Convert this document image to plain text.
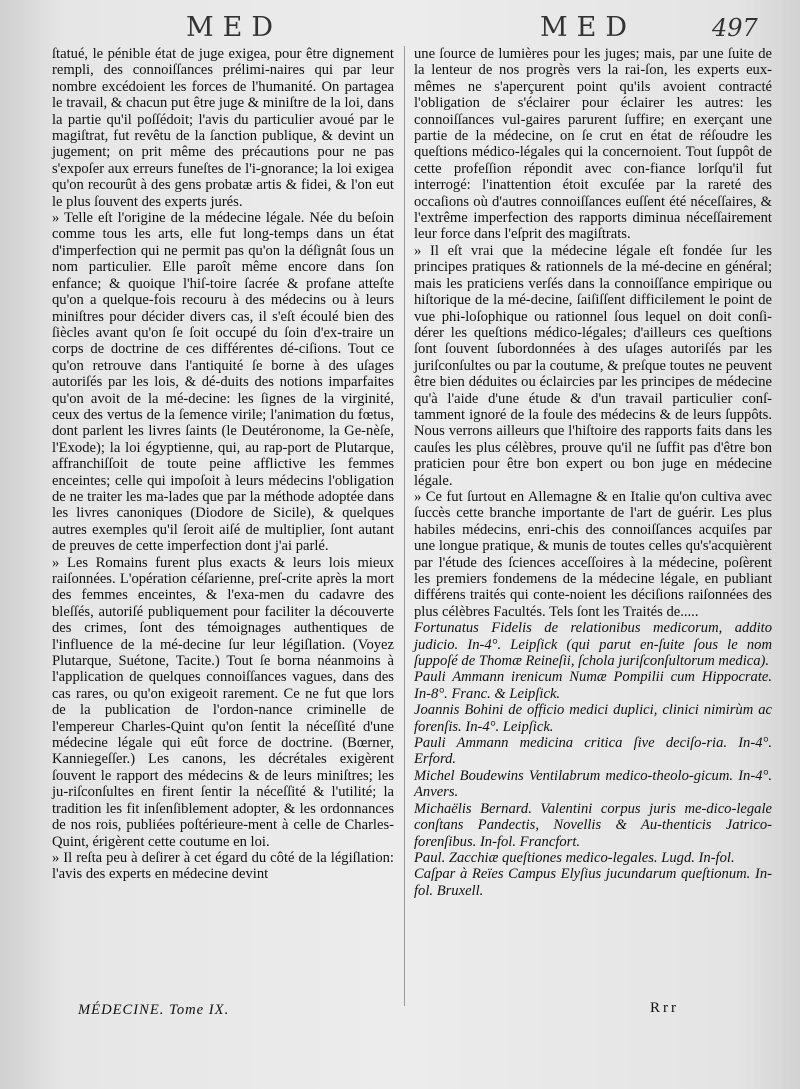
MED	MED	497

ſtatué, le pénible état de juge exigea, pour être dignement rempli, des connoiſſances prélimi-naires qui par leur nombre excédoient les forces de l'humanité. On partagea le travail, & chacun put être juge & miniſtre de la loi, dans la partie qu'il poſſédoit; l'avis du particulier avoué par le magiſtrat, fut revêtu de la ſanction publique, & devint un jugement; on prit même des précautions pour ne pas s'expoſer aux erreurs funeſtes de l'i-gnorance; la loi exigea qu'on recourût à des gens probatæ artis & fidei, & l'on eut le plus ſouvent des experts jurés.

» Telle eſt l'origine de la médecine légale. Née du beſoin comme tous les arts, elle fut long-temps dans un état d'imperfection qui ne permit pas qu'on la déſignât ſous un nom particulier. Elle paroît même encore dans ſon enfance; & quoique l'hiſ-toire ſacrée & profane atteſte qu'on a quelque-fois recouru à des médecins ou à leurs miniſtres pour décider divers cas, il s'eſt écoulé bien des ſiècles avant qu'on ſe ſoit occupé du ſoin d'ex-traire un corps de doctrine de ces différentes dé-ciſions. Tout ce qu'on retrouve dans l'antiquité ſe borne à des uſages autoriſés par les lois, & dé-duits des notions imparfaites qu'on avoit de la mé-decine: les ſignes de la virginité, ceux des vertus de la ſemence virile; l'animation du fœtus, dont parlent les livres ſaints (le Deutéronome, la Ge-nèſe, l'Exode); la loi égyptienne, qui, au rap-port de Plutarque, affranchiſſoit de toute peine afflictive les femmes enceintes; celle qui impoſoit à leurs médecins l'obligation de ne traiter les ma-lades que par la méthode adoptée dans les livres canoniques (Diodore de Sicile), & quelques autres exemples qu'il ſeroit aiſé de multiplier, ſont autant de preuves de cette imperfection dont j'ai parlé.

» Les Romains furent plus exacts & leurs lois mieux raiſonnées. L'opération céſarienne, preſ-crite après la mort des femmes enceintes, & l'exa-men du cadavre des bleſſés, autoriſé publiquement pour faciliter la découverte des crimes, ſont des témoignages authentiques de l'influence de la mé-decine ſur leur légiſlation. (Voyez Plutarque, Suétone, Tacite.) Tout ſe borna néanmoins à l'application de quelques connoiſſances vagues, dans des cas rares, ou qu'on exigeoit rarement. Ce ne fut que lors de la publication de l'ordon-nance criminelle de l'empereur Charles-Quint qu'on ſentit la néceſſité d'une médecine légale qui eût force de doctrine. (Bœrner, Kanniegeſſer.) Les canons, les décrétales exigèrent ſouvent le rapport des médecins & de leurs miniſtres; les ju-riſconſultes en firent ſentir la néceſſité & l'utilité; la tradition les fit inſenſiblement adopter, & les ordonnances de nos rois, publiées poſtérieure-ment à celle de Charles-Quint, érigèrent cette coutume en loi.

» Il reſta peu à deſirer à cet égard du côté de la légiſlation: l'avis des experts en médecine devint

une ſource de lumières pour les juges; mais, par une ſuite de la lenteur de nos progrès vers la rai-ſon, les experts eux-mêmes ne s'aperçurent point qu'ils avoient contracté l'obligation de s'éclairer pour éclairer les autres: les connoiſſances vul-gaires parurent ſuffire; en exerçant une partie de la médecine, on ſe crut en état de réſoudre les queſtions médico-légales qui la concernoient. Tout ſuppôt de cette profeſſion répondit avec con-fiance lorſqu'il fut interrogé: l'inattention étoit excuſée par la rareté des occaſions où d'autres connoiſſances euſſent été néceſſaires, & l'extrême imperfection des rapports diminua néceſſairement leur force dans l'eſprit des magiſtrats.

» Il eſt vrai que la médecine légale eſt fondée ſur les principes pratiques & rationnels de la mé-decine en général; mais les praticiens verſés dans la connoiſſance empirique ou hiſtorique de la mé-decine, ſaiſiſſent difficilement le point de vue phi-loſophique ou rationnel ſous lequel on doit conſi-dérer les queſtions médico-légales; d'ailleurs ces queſtions ſont ſouvent ſubordonnées à des uſages autoriſés par les juriſconſultes ou par la coutume, & preſque toutes ne peuvent être bien déduites ou éclaircies par les principes de médecine qu'à l'aide d'une étude & d'un travail particulier conſ-tamment ignoré de la foule des médecins & de leurs ſuppôts. Nous verrons ailleurs que l'hiſtoire des rapports faits dans les cauſes les plus célèbres, prouve qu'il ne ſuffit pas d'être bon praticien pour être bon expert ou bon juge en médecine légale.

» Ce fut ſurtout en Allemagne & en Italie qu'on cultiva avec ſuccès cette branche importante de l'art de guérir. Les plus habiles médecins, enri-chis des connoiſſances acquiſes par une longue pratique, & munis de toutes celles qu's'acquièrent par l'étude des ſciences acceſſoires à la médecine, poſèrent les premiers fondemens de la médecine légale, en publiant différens traités qui conte-noient les déciſions raiſonnées des plus célèbres Facultés. Tels ſont les Traités de.....

Fortunatus Fidelis de relationibus medicorum, addito judicio. In-4°. Leipſick (qui parut en-ſuite ſous le nom ſuppoſé de Thomæ Reineſii, ſchola juriſconſultorum medica).

Pauli Ammann irenicum Numæ Pompilii cum Hippocrate. In-8°. Franc. & Leipſick.

Joannis Bohini de officio medici duplici, clinici nimirùm ac forenſis. In-4°. Leipſick.

Pauli Ammann medicina critica ſive deciſo-ria. In-4°. Erford.

Michel Boudewins Ventilabrum medico-theolo-gicum. In-4°. Anvers.

Michaëlis Bernard. Valentini corpus juris me-dico-legale conſtans Pandectis, Novellis & Au-thenticis Jatrico-forenſibus. In-fol. Francfort.

Paul. Zacchiæ queſtiones medico-legales. Lugd. In-fol.

Caſpar à Reïes Campus Elyſius jucundarum queſtionum. In-fol. Bruxell.

MÉDECINE. Tome IX.	Rrr
